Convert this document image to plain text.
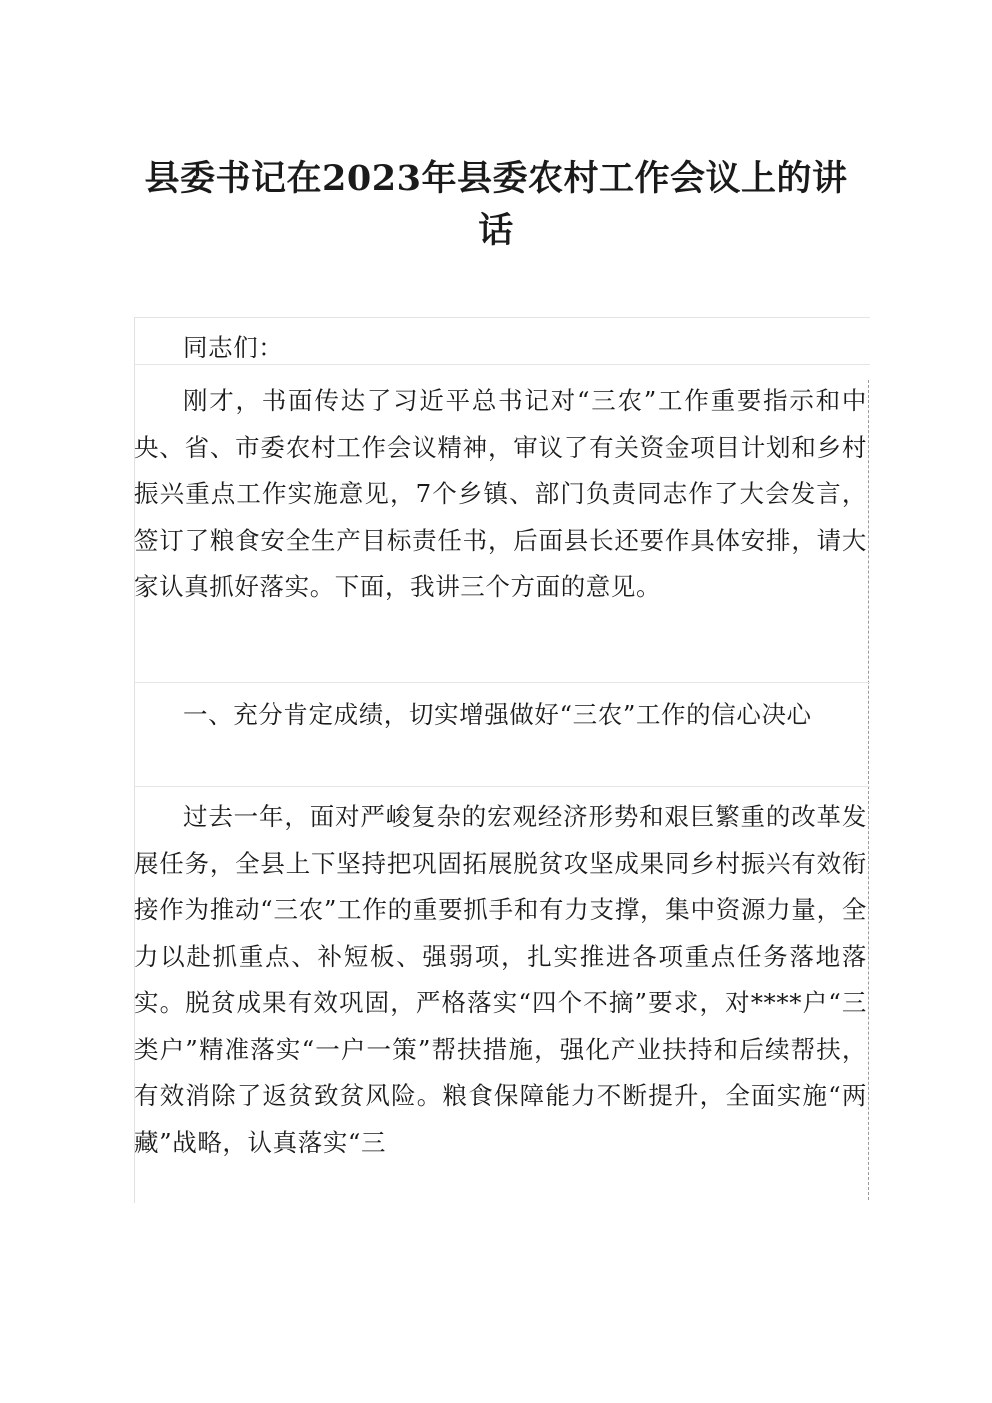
县委书记在2023年县委农村工作会议上的讲
话

同志们：

刚才，书面传达了习近平总书记对“三农”工作重要指示和中央、省、市委农村工作会议精神，审议了有关资金项目计划和乡村振兴重点工作实施意见，7个乡镇、部门负责同志作了大会发言，签订了粮食安全生产目标责任书，后面县长还要作具体安排，请大家认真抓好落实。下面，我讲三个方面的意见。

一、充分肯定成绩，切实增强做好“三农”工作的信心决心

过去一年，面对严峻复杂的宏观经济形势和艰巨繁重的改革发展任务，全县上下坚持把巩固拓展脱贫攻坚成果同乡村振兴有效衔接作为推动“三农”工作的重要抓手和有力支撑，集中资源力量，全力以赴抓重点、补短板、强弱项，扎实推进各项重点任务落地落实。脱贫成果有效巩固，严格落实“四个不摘”要求，对****户“三类户”精准落实“一户一策”帮扶措施，强化产业扶持和后续帮扶，有效消除了返贫致贫风险。粮食保障能力不断提升，全面实施“两藏”战略，认真落实“三
